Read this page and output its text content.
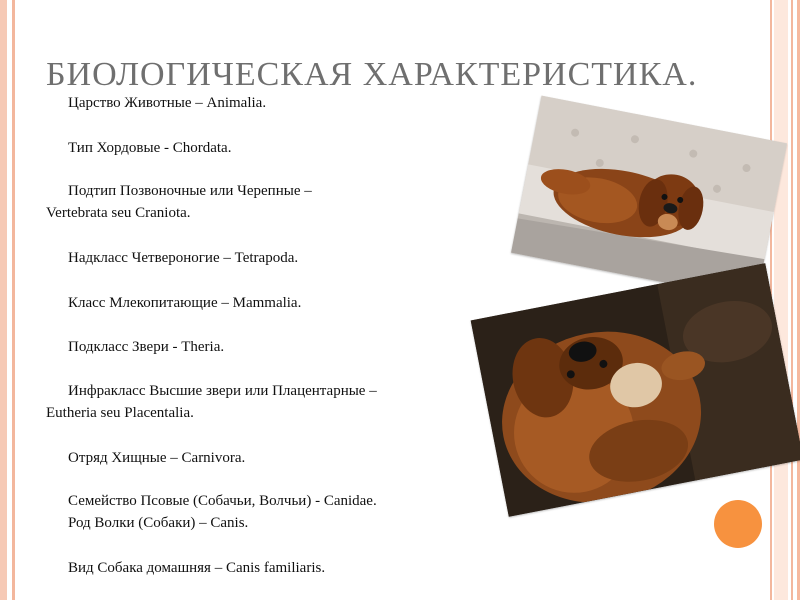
БИОЛОГИЧЕСКАЯ ХАРАКТЕРИСТИКА.
Царство Животные – Animalia.
Тип Хордовые - Chordata.
Подтип Позвоночные или Черепные –
Vertebrata seu Craniota.
Надкласс Четвероногие – Tetrapoda.
Класс Млекопитающие – Mammalia.
Подкласс Звери - Theria.
Инфракласс Высшие звери или Плацентарные –
Eutheria seu Placentalia.
Отряд Хищные – Carnivora.
Семейство Псовые (Собачьи, Волчьи) - Canidae.
Род Волки (Собаки) – Canis.
Вид Собака домашняя – Canis familiaris.
